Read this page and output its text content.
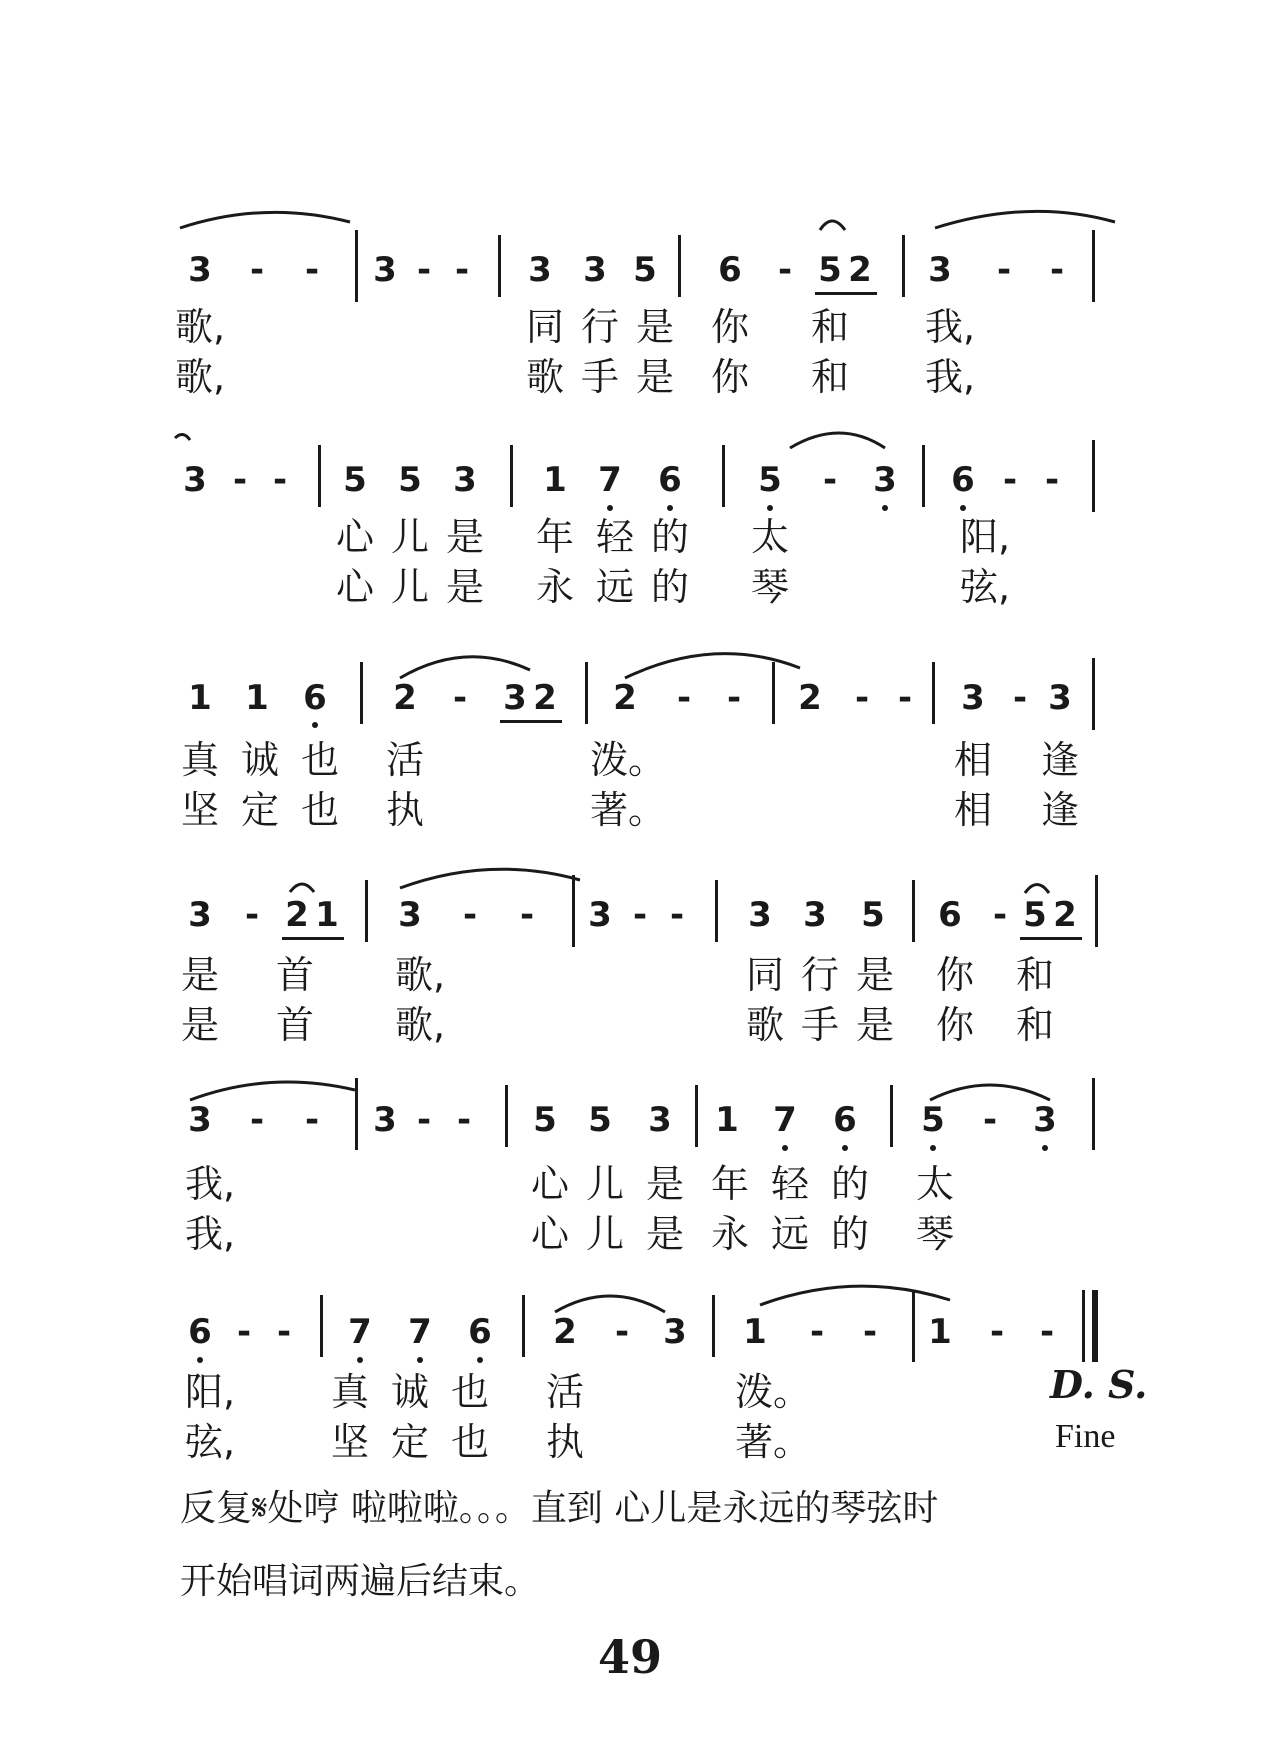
3 - - 3 - - 3 3 5 6 - 5 2 3 - -
歌,	同 行 是 你 和 我,
歌,	歌 手 是 你 和 我,
3 - - 5 5 3 1 7 6 5 - 3 6 - -
心 儿 是 年 轻 的 太	阳,
心 儿 是 永 远 的 琴	弦,
1 1 6 2 - 3 2 2 - - 2 - - 3 - 3
真 诚 也 活	泼。	相 逢
坚 定 也 执	著。	相 逢
3 - 2 1 3 - - 3 - - 3 3 5 6 - 5 2
是 首 歌,	同 行 是 你 和
是 首 歌,	歌 手 是 你 和
3 - - 3 - - 5 5 3 1 7 6 5 - 3
我,	心 儿 是 年 轻 的 太
我,	心 儿 是 永 远 的 琴
6 - - 7 7 6 2 - 3 1 - - 1 - -
阳,	真 诚 也 活	泼。
弦,	坚 定 也 执	著。
D. S.
Fine
反复𝄋处哼 啦啦啦。。。直到 心儿是永远的琴弦时
开始唱词两遍后结束。
49
